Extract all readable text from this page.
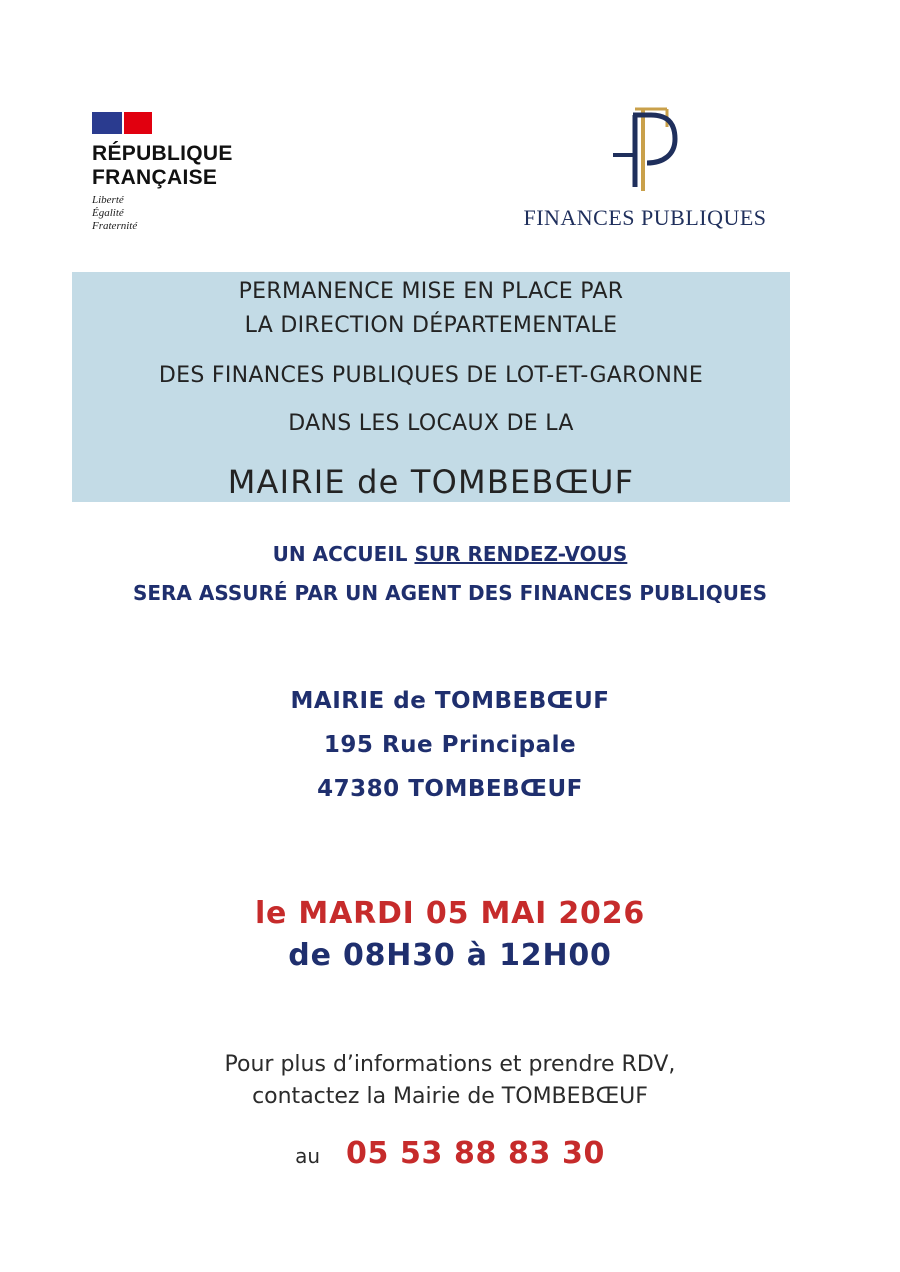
RÉPUBLIQUE
FRANÇAISE
Liberté
Égalité
Fraternité	FINANCES PUBLIQUES
PERMANENCE MISE EN PLACE PAR
LA DIRECTION DÉPARTEMENTALE
DES FINANCES PUBLIQUES DE LOT-ET-GARONNE
DANS LES LOCAUX DE LA
MAIRIE de TOMBEBŒUF
UN ACCUEIL SUR RENDEZ-VOUS
SERA ASSURÉ PAR UN AGENT DES FINANCES PUBLIQUES
MAIRIE de TOMBEBŒUF
195 Rue Principale
47380 TOMBEBŒUF
le MARDI 05 MAI 2026
de 08H30 à 12H00
Pour plus d’informations et prendre RDV,
contactez la Mairie de TOMBEBŒUF
au 05 53 88 83 30
